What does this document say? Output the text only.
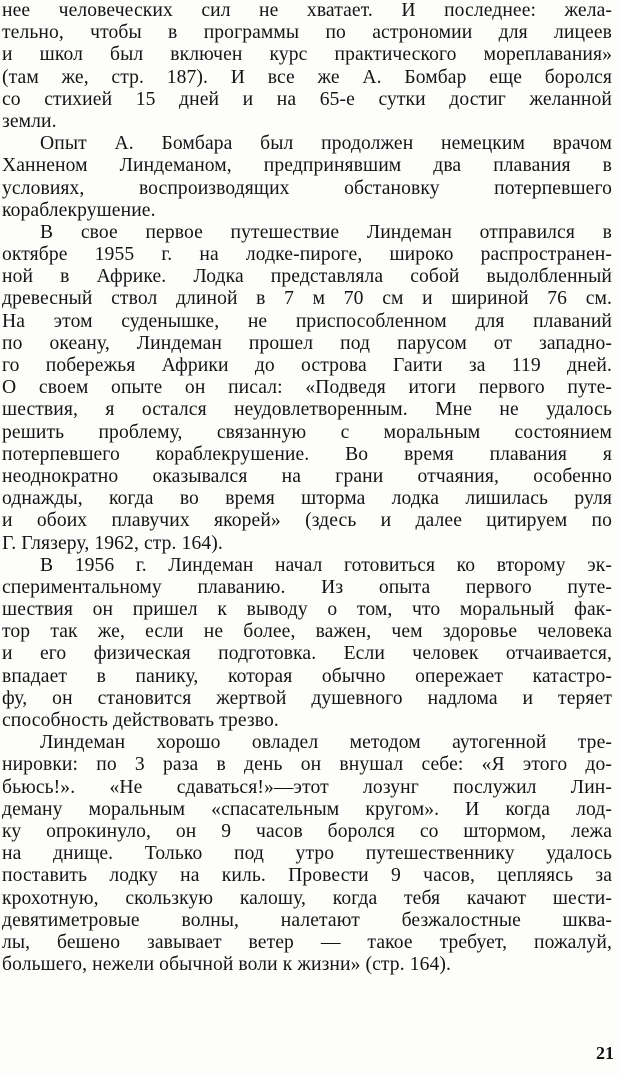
нее человеческих сил не хватает. И последнее: жела-
тельно, чтобы в программы по астрономии для лицеев
и школ был включен курс практического мореплавания»
(там же, стр. 187). И все же А. Бомбар еще боролся
со стихией 15 дней и на 65-е сутки достиг желанной
земли.
Опыт А. Бомбара был продолжен немецким врачом
Ханненом Линдеманом, предпринявшим два плавания в
условиях, воспроизводящих обстановку потерпевшего
кораблекрушение.
В свое первое путешествие Линдеман отправился в
октябре 1955 г. на лодке-пироге, широко распространен-
ной в Африке. Лодка представляла собой выдолбленный
древесный ствол длиной в 7 м 70 см и шириной 76 см.
На этом суденышке, не приспособленном для плаваний
по океану, Линдеман прошел под парусом от западно-
го побережья Африки до острова Гаити за 119 дней.
О своем опыте он писал: «Подведя итоги первого путе-
шествия, я остался неудовлетворенным. Мне не удалось
решить проблему, связанную с моральным состоянием
потерпевшего кораблекрушение. Во время плавания я
неоднократно оказывался на грани отчаяния, особенно
однажды, когда во время шторма лодка лишилась руля
и обоих плавучих якорей» (здесь и далее цитируем по
Г. Глязеру, 1962, стр. 164).
В 1956 г. Линдеман начал готовиться ко второму эк-
спериментальному плаванию. Из опыта первого путе-
шествия он пришел к выводу о том, что моральный фак-
тор так же, если не более, важен, чем здоровье человека
и его физическая подготовка. Если человек отчаивается,
впадает в панику, которая обычно опережает катастро-
фу, он становится жертвой душевного надлома и теряет
способность действовать трезво.
Линдеман хорошо овладел методом аутогенной тре-
нировки: по 3 раза в день он внушал себе: «Я этого до-
бьюсь!». «Не сдаваться!»—этот лозунг послужил Лин-
деману моральным «спасательным кругом». И когда лод-
ку опрокинуло, он 9 часов боролся со штормом, лежа
на днище. Только под утро путешественнику удалось
поставить лодку на киль. Провести 9 часов, цепляясь за
крохотную, скользкую калошу, когда тебя качают шести-
девятиметровые волны, налетают безжалостные шква-
лы, бешено завывает ветер — такое требует, пожалуй,
большего, нежели обычной воли к жизни» (стр. 164).
21
